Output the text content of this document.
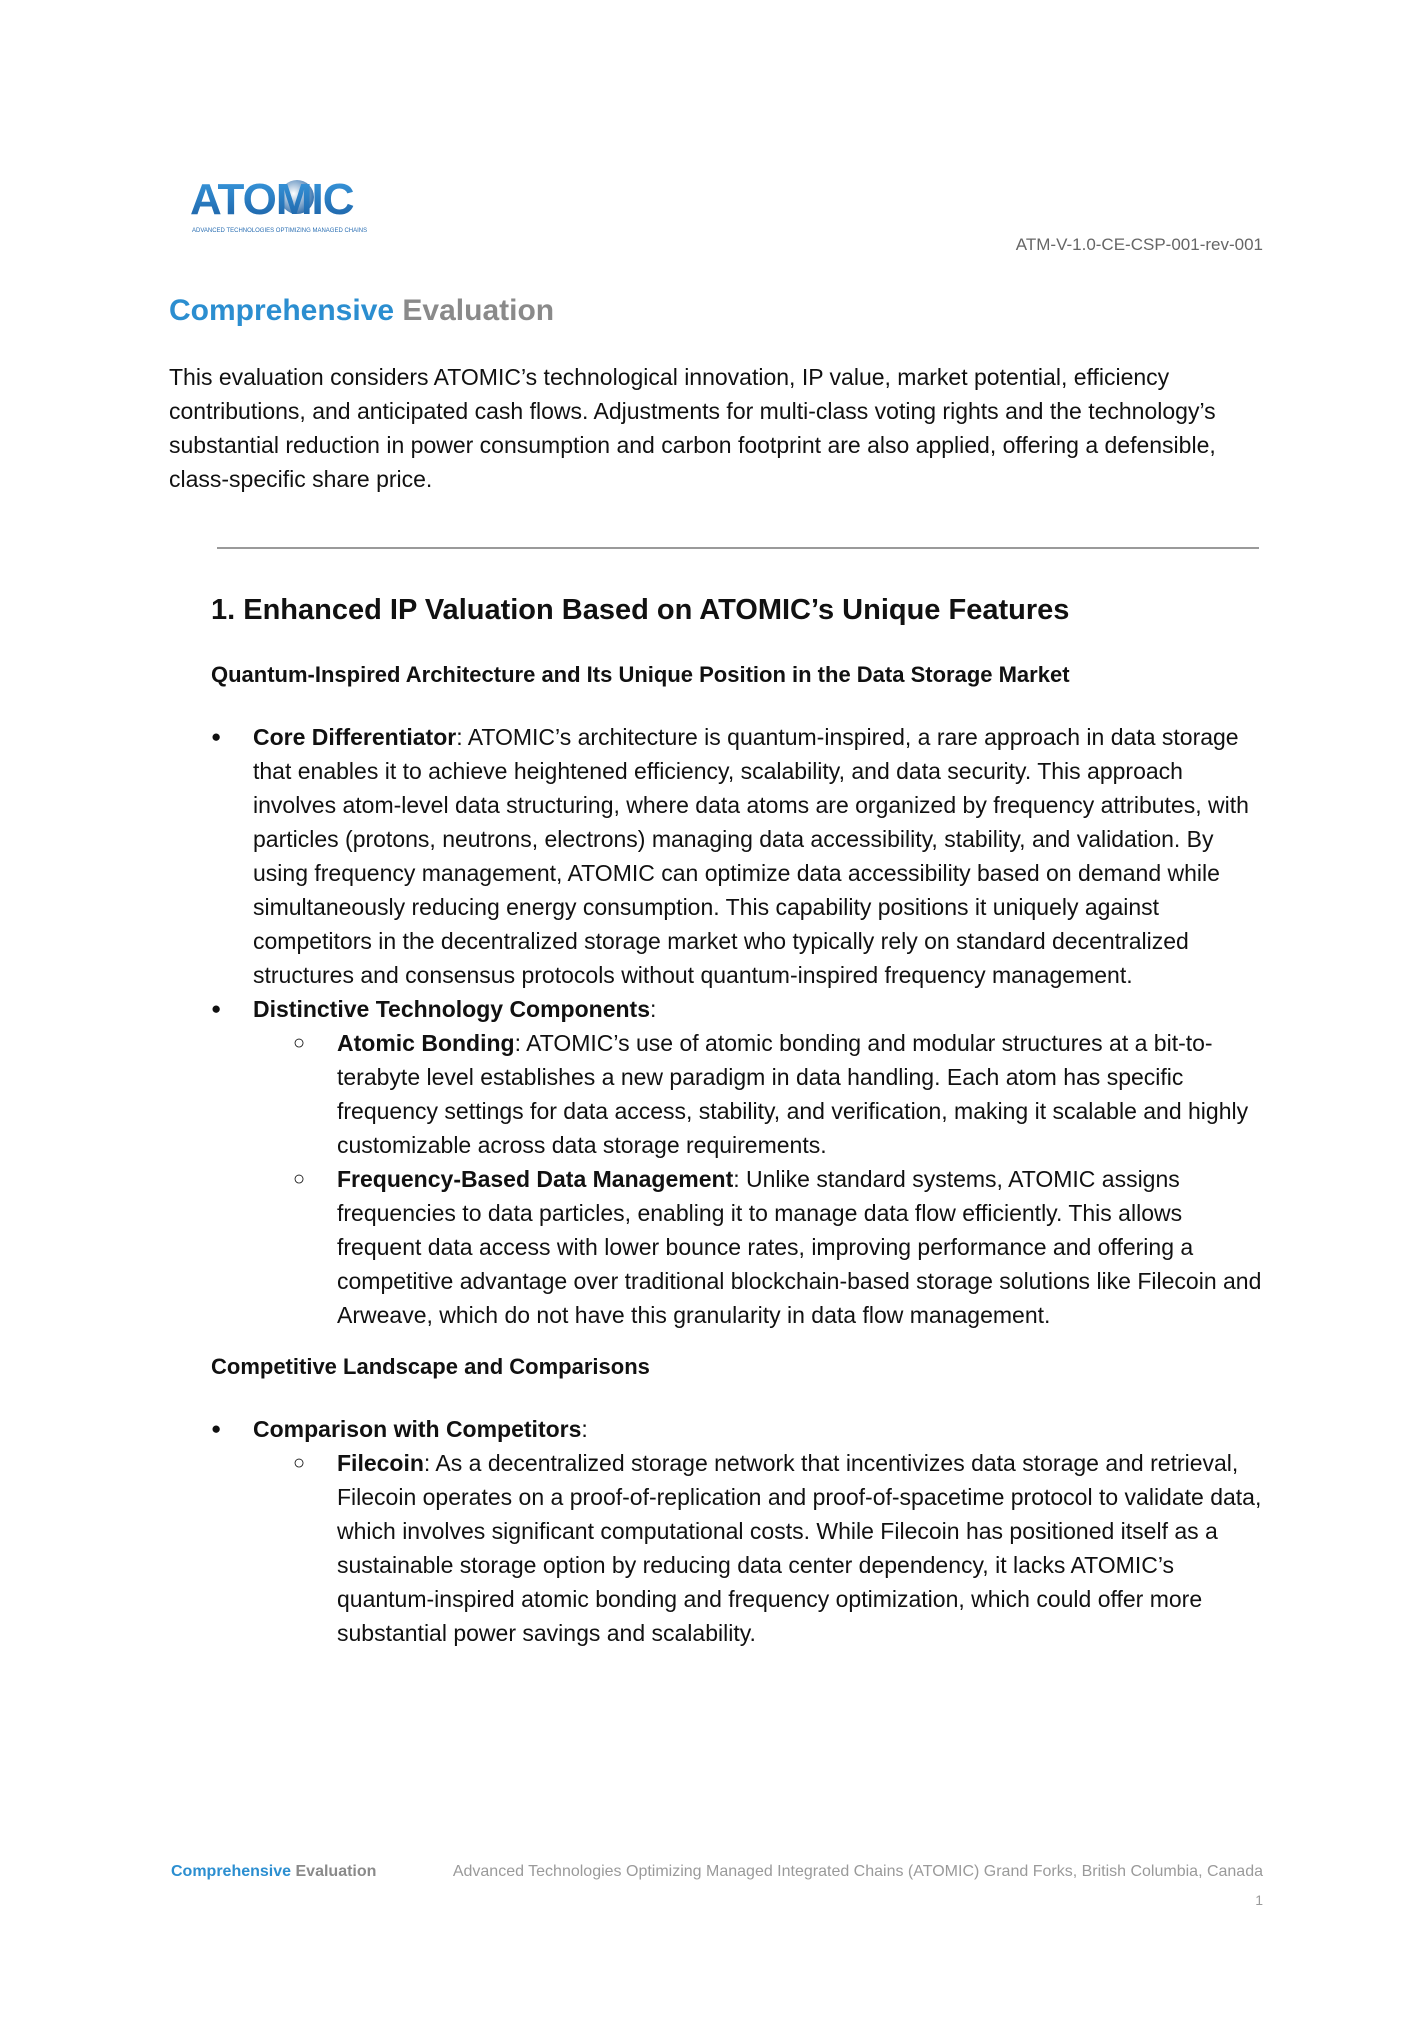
ATOMIC
ADVANCED TECHNOLOGIES OPTIMIZING MANAGED CHAINS
ATM-V-1.0-CE-CSP-001-rev-001
Comprehensive Evaluation

This evaluation considers ATOMIC’s technological innovation, IP value, market potential, efficiency contributions, and anticipated cash flows. Adjustments for multi-class voting rights and the technology’s substantial reduction in power consumption and carbon footprint are also applied, offering a defensible, class-specific share price.

1. Enhanced IP Valuation Based on ATOMIC’s Unique Features
Quantum-Inspired Architecture and Its Unique Position in the Data Storage Market
● Core Differentiator: ATOMIC’s architecture is quantum-inspired, a rare approach in data storage that enables it to achieve heightened efficiency, scalability, and data security. This approach involves atom-level data structuring, where data atoms are organized by frequency attributes, with particles (protons, neutrons, electrons) managing data accessibility, stability, and validation. By using frequency management, ATOMIC can optimize data accessibility based on demand while simultaneously reducing energy consumption. This capability positions it uniquely against competitors in the decentralized storage market who typically rely on standard decentralized structures and consensus protocols without quantum-inspired frequency management.
● Distinctive Technology Components:
○ Atomic Bonding: ATOMIC’s use of atomic bonding and modular structures at a bit-to-terabyte level establishes a new paradigm in data handling. Each atom has specific frequency settings for data access, stability, and verification, making it scalable and highly customizable across data storage requirements.
○ Frequency-Based Data Management: Unlike standard systems, ATOMIC assigns frequencies to data particles, enabling it to manage data flow efficiently. This allows frequent data access with lower bounce rates, improving performance and offering a competitive advantage over traditional blockchain-based storage solutions like Filecoin and Arweave, which do not have this granularity in data flow management.
Competitive Landscape and Comparisons
● Comparison with Competitors:
○ Filecoin: As a decentralized storage network that incentivizes data storage and retrieval, Filecoin operates on a proof-of-replication and proof-of-spacetime protocol to validate data, which involves significant computational costs. While Filecoin has positioned itself as a sustainable storage option by reducing data center dependency, it lacks ATOMIC’s quantum-inspired atomic bonding and frequency optimization, which could offer more substantial power savings and scalability.
Comprehensive Evaluation	Advanced Technologies Optimizing Managed Integrated Chains (ATOMIC) Grand Forks, British Columbia, Canada
1
